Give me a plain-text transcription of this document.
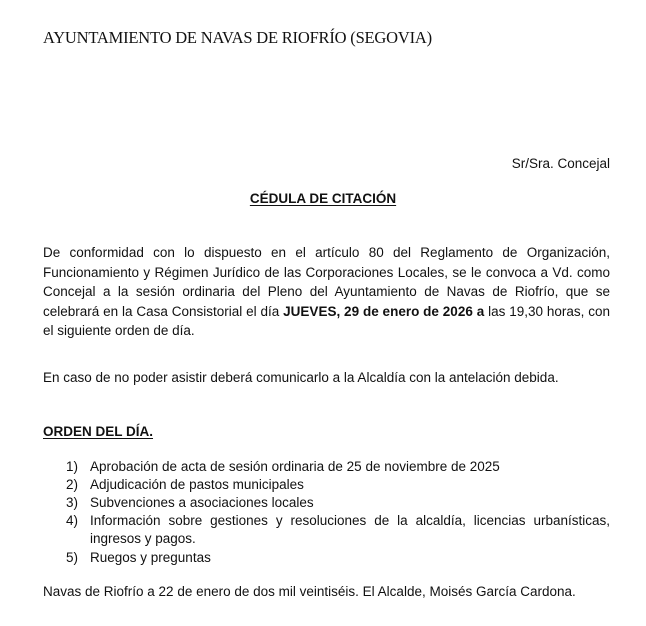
AYUNTAMIENTO DE NAVAS DE RIOFRÍO (SEGOVIA)
Sr/Sra. Concejal
CÉDULA DE CITACIÓN
De conformidad con lo dispuesto en el artículo 80 del Reglamento de Organización, Funcionamiento y Régimen Jurídico de las Corporaciones Locales, se le convoca a Vd. como Concejal a la sesión ordinaria del Pleno del Ayuntamiento de Navas de Riofrío, que se celebrará en la Casa Consistorial el día JUEVES, 29 de enero de 2026 a las 19,30 horas, con el siguiente orden de día.
En caso de no poder asistir deberá comunicarlo a la Alcaldía con la antelación debida.
ORDEN DEL DÍA.
1) Aprobación de acta de sesión ordinaria de 25 de noviembre de 2025
2) Adjudicación de pastos municipales
3) Subvenciones a asociaciones locales
4) Información sobre gestiones y resoluciones de la alcaldía, licencias urbanísticas, ingresos y pagos.
5) Ruegos y preguntas
Navas de Riofrío a 22 de enero de dos mil veintiséis. El Alcalde, Moisés García Cardona.
